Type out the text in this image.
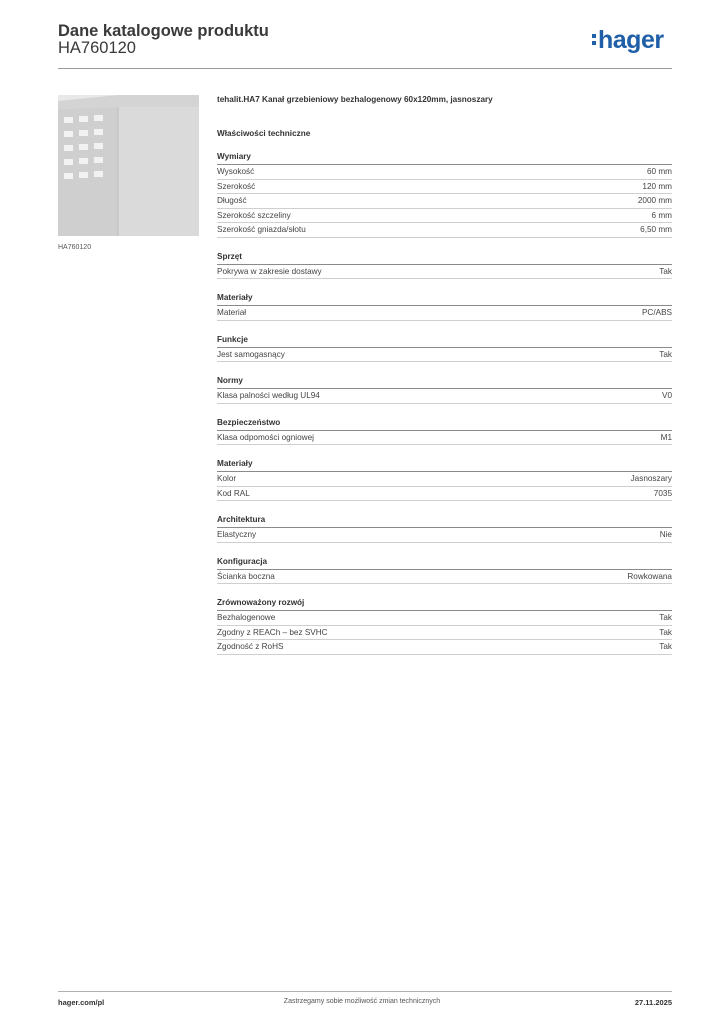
Dane katalogowe produktu
HA760120	hager
HA760120
tehalit.HA7 Kanał grzebieniowy bezhalogenowy 60x120mm, jasnoszary
Właściwości techniczne
Wymiary
Wysokość	60 mm
Szerokość	120 mm
Długość	2000 mm
Szerokość szczeliny	6 mm
Szerokość gniazda/słotu	6,50 mm
Sprzęt
Pokrywa w zakresie dostawy	Tak
Materiały
Materiał	PC/ABS
Funkcje
Jest samogasnący	Tak
Normy
Klasa palności według UL94	V0
Bezpieczeństwo
Klasa odpomości ogniowej	M1
Materiały
Kolor	Jasnoszary
Kod RAL	7035
Architektura
Elastyczny	Nie
Konfiguracja
Ścianka boczna	Rowkowana
Zrównoważony rozwój
Bezhalogenowe	Tak
Zgodny z REACh – bez SVHC	Tak
Zgodność z RoHS	Tak
hager.com/pl	Zastrzegamy sobie możliwość zmian technicznych	27.11.2025
